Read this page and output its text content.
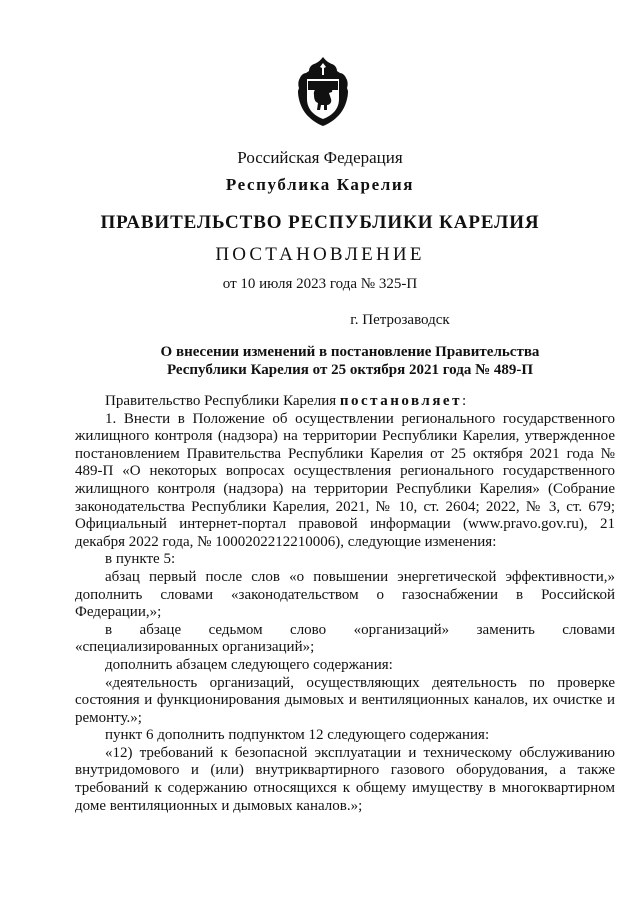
Российская Федерация
Республика Карелия
ПРАВИТЕЛЬСТВО РЕСПУБЛИКИ КАРЕЛИЯ
ПОСТАНОВЛЕНИЕ
от 10 июля 2023 года № 325-П
г. Петрозаводск
О внесении изменений в постановление Правительства
Республики Карелия от 25 октября 2021 года № 489-П

Правительство Республики Карелия постановляет:

1. Внести в Положение об осуществлении регионального государственного жилищного контроля (надзора) на территории Республики Карелия, утвержденное постановлением Правительства Республики Карелия от 25 октября 2021 года № 489-П «О некоторых вопросах осуществления регионального государственного жилищного контроля (надзора) на территории Республики Карелия» (Собрание законодательства Республики Карелия, 2021, № 10, ст. 2604; 2022, № 3, ст. 679; Официальный интернет-портал правовой информации (www.pravo.gov.ru), 21 декабря 2022 года, № 1000202212210006), следующие изменения:

в пункте 5:

абзац первый после слов «о повышении энергетической эффективности,» дополнить словами «законодательством о газоснабжении в Российской Федерации,»;

в абзаце седьмом слово «организаций» заменить словами «специализированных организаций»;

дополнить абзацем следующего содержания:

«деятельность организаций, осуществляющих деятельность по проверке состояния и функционирования дымовых и вентиляционных каналов, их очистке и ремонту.»;

пункт 6 дополнить подпунктом 12 следующего содержания:

«12) требований к безопасной эксплуатации и техническому обслуживанию внутридомового и (или) внутриквартирного газового оборудования, а также требований к содержанию относящихся к общему имуществу в многоквартирном доме вентиляционных и дымовых каналов.»;
